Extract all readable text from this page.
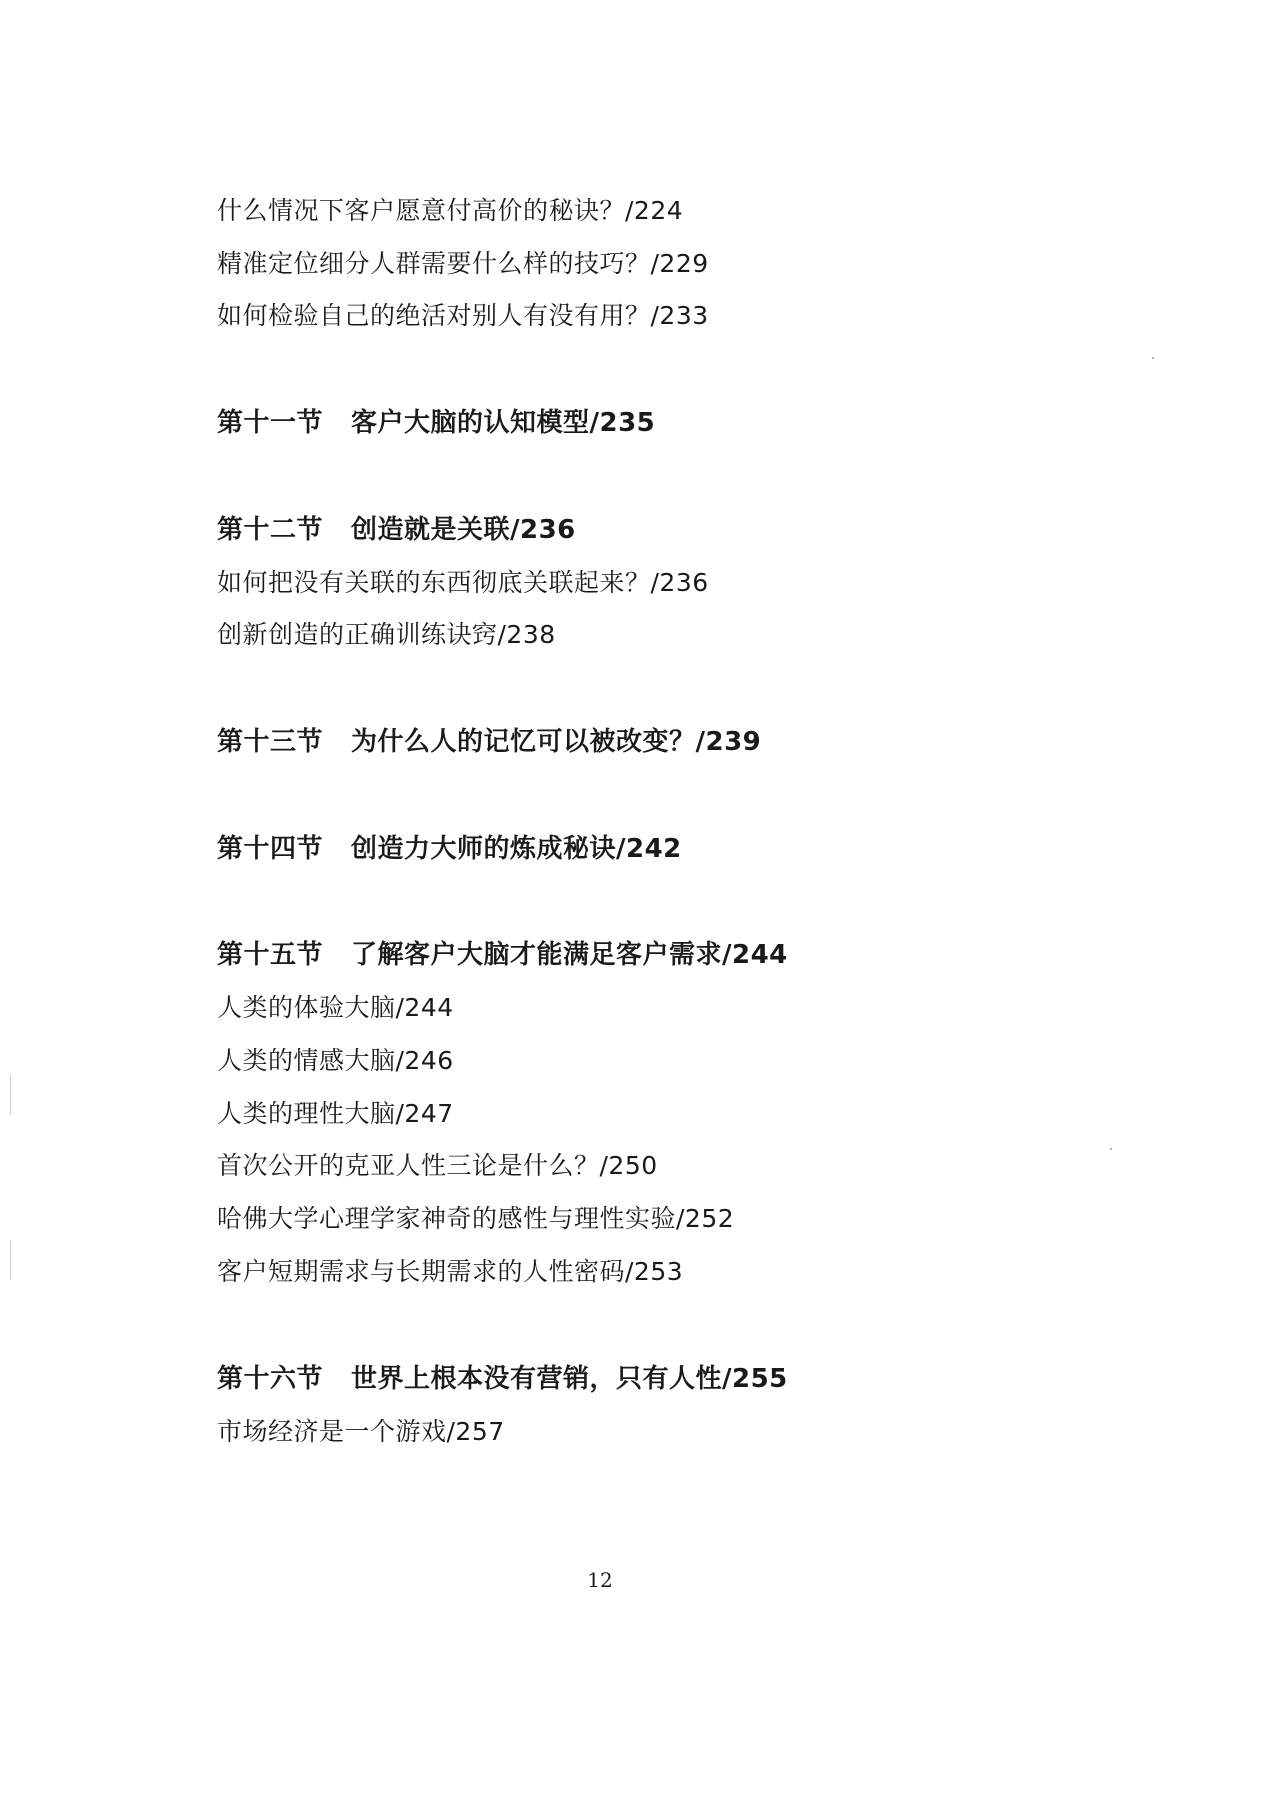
什么情况下客户愿意付高价的秘诀？/224
精准定位细分人群需要什么样的技巧？/229
如何检验自己的绝活对别人有没有用？/233
第十一节 客户大脑的认知模型/235
第十二节 创造就是关联/236
如何把没有关联的东西彻底关联起来？/236
创新创造的正确训练诀窍/238
第十三节 为什么人的记忆可以被改变？/239
第十四节 创造力大师的炼成秘诀/242
第十五节 了解客户大脑才能满足客户需求/244
人类的体验大脑/244
人类的情感大脑/246
人类的理性大脑/247
首次公开的克亚人性三论是什么？/250
哈佛大学心理学家神奇的感性与理性实验/252
客户短期需求与长期需求的人性密码/253
第十六节 世界上根本没有营销，只有人性/255
市场经济是一个游戏/257
12
